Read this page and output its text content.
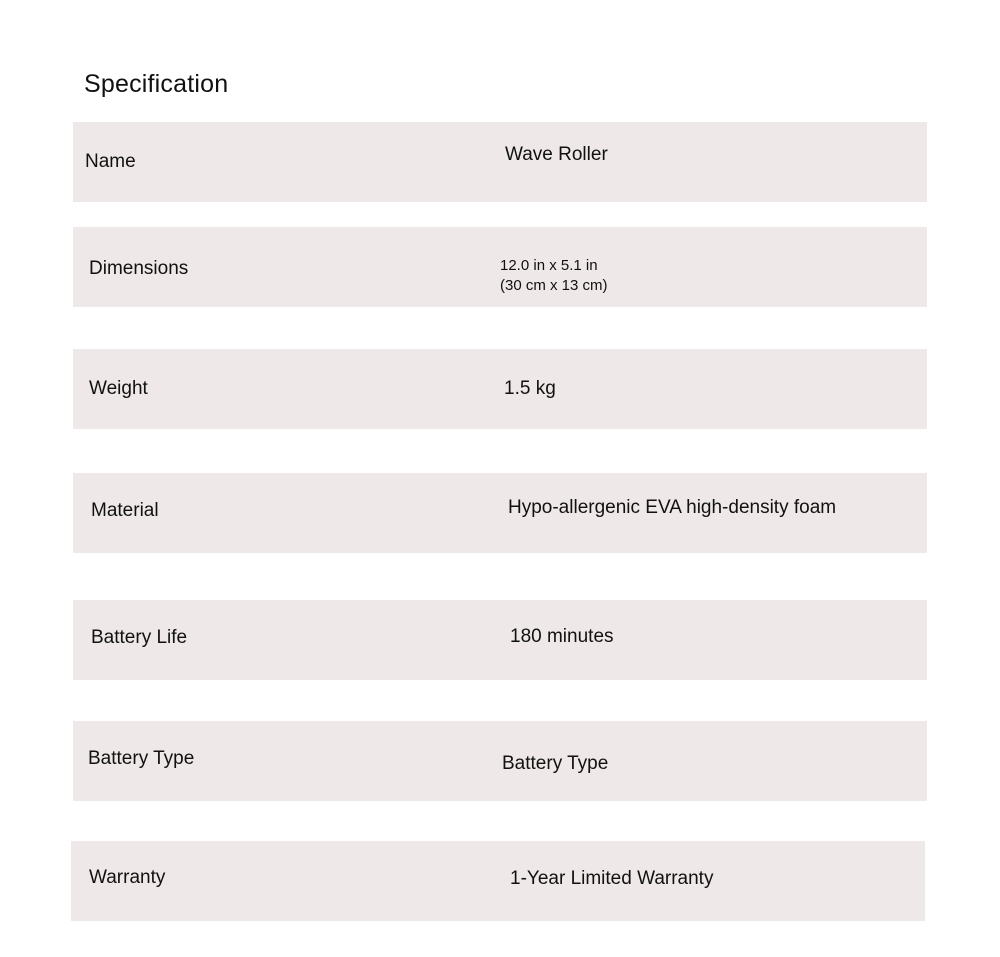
Specification
Name	Wave Roller
Dimensions	12.0 in x 5.1 in
(30 cm x 13 cm)
Weight	1.5 kg
Material	Hypo-allergenic EVA high-density foam
Battery Life	180 minutes
Battery Type	Battery Type
Warranty	1-Year Limited Warranty
